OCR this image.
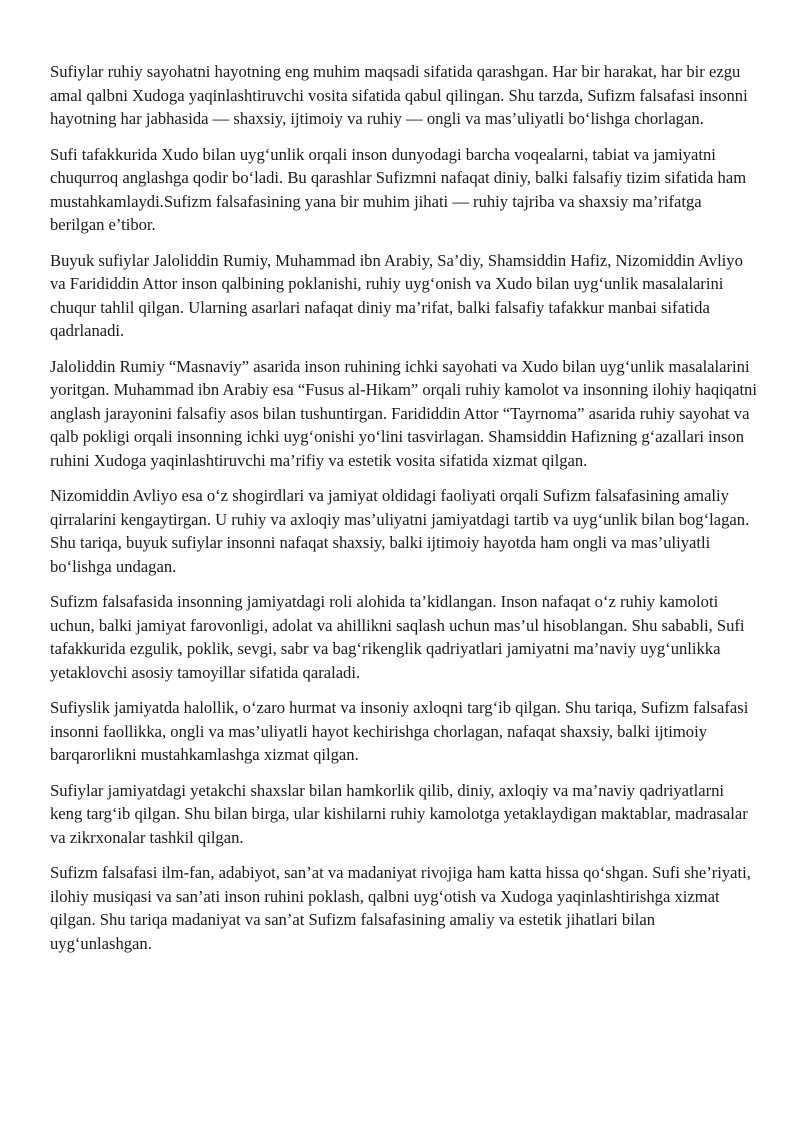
Sufiylar ruhiy sayohatni hayotning eng muhim maqsadi sifatida qarashgan. Har bir harakat, har bir ezgu amal qalbni Xudoga yaqinlashtiruvchi vosita sifatida qabul qilingan. Shu tarzda, Sufizm falsafasi insonni hayotning har jabhasida — shaxsiy, ijtimoiy va ruhiy — ongli va mas’uliyatli bo‘lishga chorlagan.

Sufi tafakkurida Xudo bilan uyg‘unlik orqali inson dunyodagi barcha voqealarni, tabiat va jamiyatni chuqurroq anglashga qodir bo‘ladi. Bu qarashlar Sufizmni nafaqat diniy, balki falsafiy tizim sifatida ham mustahkamlaydi.Sufizm falsafasining yana bir muhim jihati — ruhiy tajriba va shaxsiy ma’rifatga berilgan e’tibor.

Buyuk sufiylar Jaloliddin Rumiy, Muhammad ibn Arabiy, Sa’diy, Shamsiddin Hafiz, Nizomiddin Avliyo va Farididdin Attor inson qalbining poklanishi, ruhiy uyg‘onish va Xudo bilan uyg‘unlik masalalarini chuqur tahlil qilgan. Ularning asarlari nafaqat diniy ma’rifat, balki falsafiy tafakkur manbai sifatida qadrlanadi.

Jaloliddin Rumiy “Masnaviy” asarida inson ruhining ichki sayohati va Xudo bilan uyg‘unlik masalalarini yoritgan. Muhammad ibn Arabiy esa “Fusus al-Hikam” orqali ruhiy kamolot va insonning ilohiy haqiqatni anglash jarayonini falsafiy asos bilan tushuntirgan. Farididdin Attor “Tayrnoma” asarida ruhiy sayohat va qalb pokligi orqali insonning ichki uyg‘onishi yo‘lini tasvirlagan. Shamsiddin Hafizning g‘azallari inson ruhini Xudoga yaqinlashtiruvchi ma’rifiy va estetik vosita sifatida xizmat qilgan.

Nizomiddin Avliyo esa o‘z shogirdlari va jamiyat oldidagi faoliyati orqali Sufizm falsafasining amaliy qirralarini kengaytirgan. U ruhiy va axloqiy mas’uliyatni jamiyatdagi tartib va uyg‘unlik bilan bog‘lagan. Shu tariqa, buyuk sufiylar insonni nafaqat shaxsiy, balki ijtimoiy hayotda ham ongli va mas’uliyatli bo‘lishga undagan.

Sufizm falsafasida insonning jamiyatdagi roli alohida ta’kidlangan. Inson nafaqat o‘z ruhiy kamoloti uchun, balki jamiyat farovonligi, adolat va ahillikni saqlash uchun mas’ul hisoblangan. Shu sababli, Sufi tafakkurida ezgulik, poklik, sevgi, sabr va bag‘rikenglik qadriyatlari jamiyatni ma’naviy uyg‘unlikka yetaklovchi asosiy tamoyillar sifatida qaraladi.

Sufiyslik jamiyatda halollik, o‘zaro hurmat va insoniy axloqni targ‘ib qilgan. Shu tariqa, Sufizm falsafasi insonni faollikka, ongli va mas’uliyatli hayot kechirishga chorlagan, nafaqat shaxsiy, balki ijtimoiy barqarorlikni mustahkamlashga xizmat qilgan.

Sufiylar jamiyatdagi yetakchi shaxslar bilan hamkorlik qilib, diniy, axloqiy va ma’naviy qadriyatlarni keng targ‘ib qilgan. Shu bilan birga, ular kishilarni ruhiy kamolotga yetaklaydigan maktablar, madrasalar va zikrxonalar tashkil qilgan.

Sufizm falsafasi ilm-fan, adabiyot, san’at va madaniyat rivojiga ham katta hissa qo‘shgan. Sufi she’riyati, ilohiy musiqasi va san’ati inson ruhini poklash, qalbni uyg‘otish va Xudoga yaqinlashtirishga xizmat qilgan. Shu tariqa madaniyat va san’at Sufizm falsafasining amaliy va estetik jihatlari bilan uyg‘unlashgan.
